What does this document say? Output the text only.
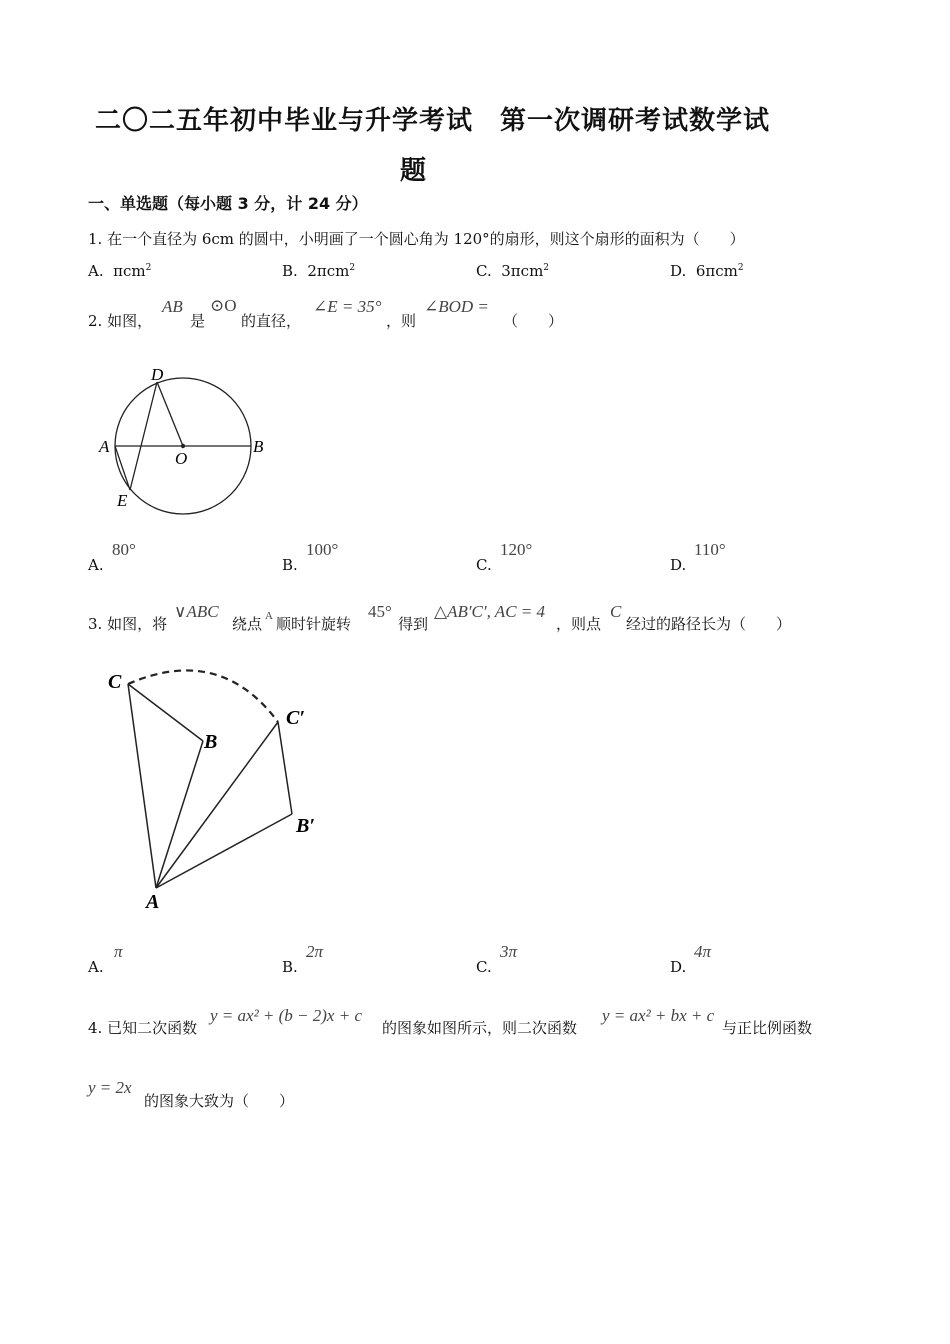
二〇二五年初中毕业与升学考试　第一次调研考试数学试
题
一、单选题（每小题 3 分，计 24 分）
1. 在一个直径为 6cm 的圆中，小明画了一个圆心角为 120°的扇形，则这个扇形的面积为（　　）
A. πcm$^2$	B. 2πcm$^2$	C. 3πcm$^2$	D. 6πcm$^2$
2. 如图，
AB
是
⊙O
的直径，
∠E = 35°
，则
∠BOD =
（　　）
D
A
O
B
E
A.
80°
B.
100°
C.
120°
D.
110°
3. 如图，将
∨ABC
绕点 A 顺时针旋转
45°
得到
△AB′C′, AC = 4
，则点
C
经过的路径长为（　　）
C
B
C′
B′
A
A.
π
B.
2π
C.
3π
D.
4π
4. 已知二次函数
y = ax² + (b − 2)x + c
的图象如图所示，则二次函数
y = ax² + bx + c
与正比例函数
y = 2x
的图象大致为（　　）
